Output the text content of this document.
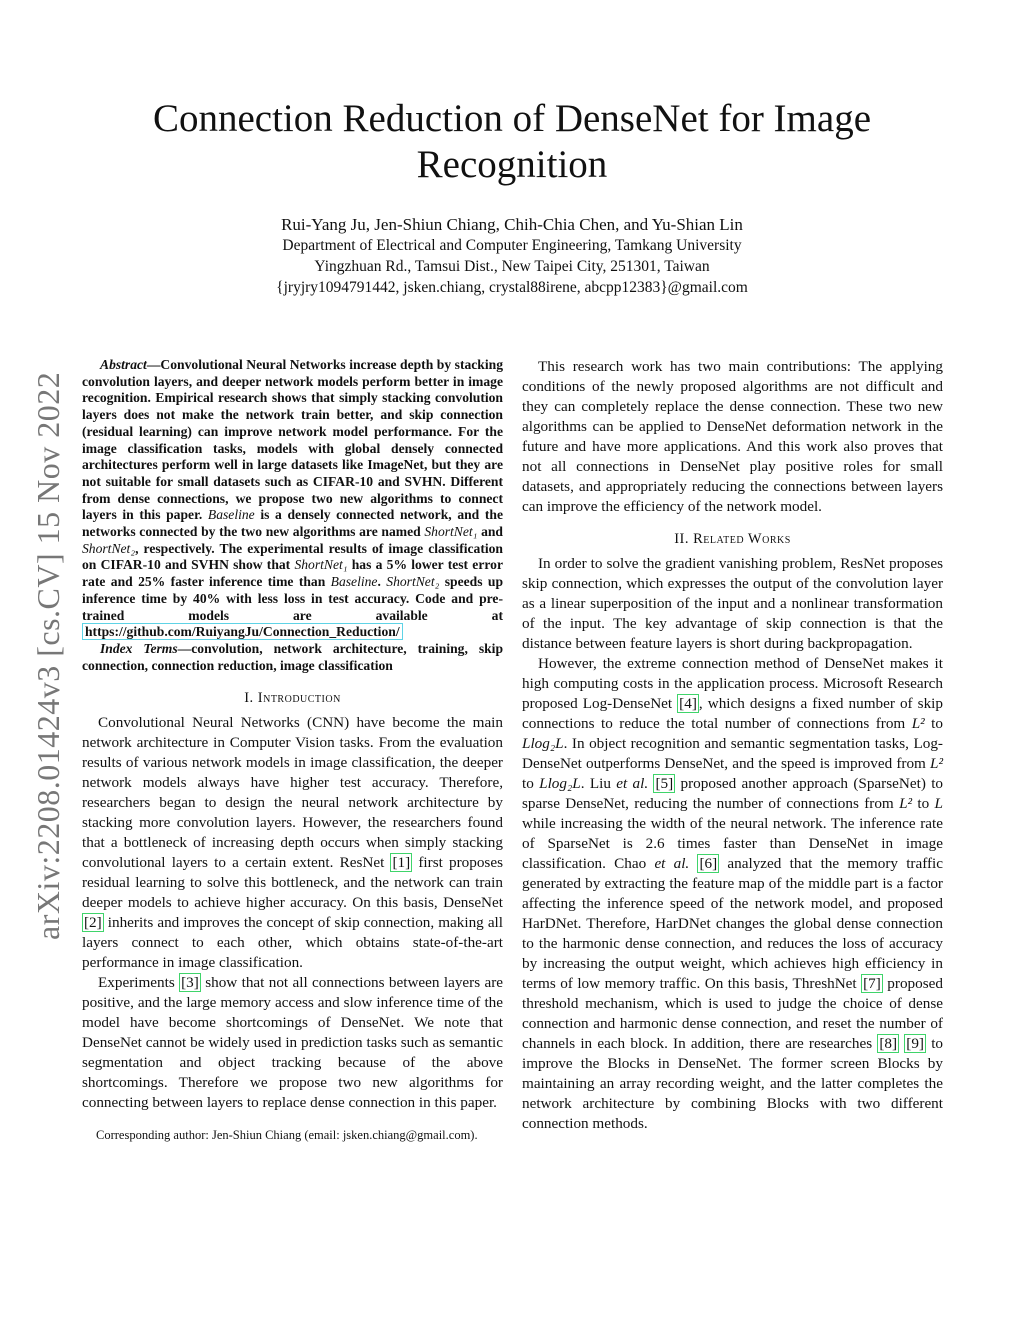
arXiv:2208.01424v3 [cs.CV] 15 Nov 2022
Connection Reduction of DenseNet for Image Recognition
Rui-Yang Ju, Jen-Shiun Chiang, Chih-Chia Chen, and Yu-Shian Lin
Department of Electrical and Computer Engineering, Tamkang University
Yingzhuan Rd., Tamsui Dist., New Taipei City, 251301, Taiwan
{jryjry1094791442, jsken.chiang, crystal88irene, abcpp12383}@gmail.com

Abstract—Convolutional Neural Networks increase depth by stacking convolution layers, and deeper network models perform better in image recognition. Empirical research shows that simply stacking convolution layers does not make the network train better, and skip connection (residual learning) can improve network model performance. For the image classification tasks, models with global densely connected architectures perform well in large datasets like ImageNet, but they are not suitable for small datasets such as CIFAR-10 and SVHN. Different from dense connections, we propose two new algorithms to connect layers in this paper. Baseline is a densely connected network, and the networks connected by the two new algorithms are named ShortNet₁ and ShortNet₂, respectively. The experimental results of image classification on CIFAR-10 and SVHN show that ShortNet₁ has a 5% lower test error rate and 25% faster inference time than Baseline. ShortNet₂ speeds up inference time by 40% with less loss in test accuracy. Code and pre-trained models are available at https://github.com/RuiyangJu/Connection_Reduction/

Index Terms—convolution, network architecture, training, skip connection, connection reduction, image classification

I. Introduction

Convolutional Neural Networks (CNN) have become the main network architecture in Computer Vision tasks. From the evaluation results of various network models in image classification, the deeper network models always have higher test accuracy. Therefore, researchers began to design the neural network architecture by stacking more convolution layers. However, the researchers found that a bottleneck of increasing depth occurs when simply stacking convolutional layers to a certain extent. ResNet [1] first proposes residual learning to solve this bottleneck, and the network can train deeper models to achieve higher accuracy. On this basis, DenseNet [2] inherits and improves the concept of skip connection, making all layers connect to each other, which obtains state-of-the-art performance in image classification.

Experiments [3] show that not all connections between layers are positive, and the large memory access and slow inference time of the model have become shortcomings of DenseNet. We note that DenseNet cannot be widely used in prediction tasks such as semantic segmentation and object tracking because of the above shortcomings. Therefore we propose two new algorithms for connecting between layers to replace dense connection in this paper.

Corresponding author: Jen-Shiun Chiang (email: jsken.chiang@gmail.com).

This research work has two main contributions: The applying conditions of the newly proposed algorithms are not difficult and they can completely replace the dense connection. These two new algorithms can be applied to DenseNet deformation network in the future and have more applications. And this work also proves that not all connections in DenseNet play positive roles for small datasets, and appropriately reducing the connections between layers can improve the efficiency of the network model.

II. Related Works

In order to solve the gradient vanishing problem, ResNet proposes skip connection, which expresses the output of the convolution layer as a linear superposition of the input and a nonlinear transformation of the input. The key advantage of skip connection is that the distance between feature layers is short during backpropagation.

However, the extreme connection method of DenseNet makes it high computing costs in the application process. Microsoft Research proposed Log-DenseNet [4] , which designs a fixed number of skip connections to reduce the total number of connections from L² to Llog₂L. In object recognition and semantic segmentation tasks, Log-DenseNet outperforms DenseNet, and the speed is improved from L² to Llog₂L. Liu et al. [5] proposed another approach (SparseNet) to sparse DenseNet, reducing the number of connections from L² to L while increasing the width of the neural network. The inference rate of SparseNet is 2.6 times faster than DenseNet in image classification. Chao et al. [6] analyzed that the memory traffic generated by extracting the feature map of the middle part is a factor affecting the inference speed of the network model, and proposed HarDNet. Therefore, HarDNet changes the global dense connection to the harmonic dense connection, and reduces the loss of accuracy by increasing the output weight, which achieves high efficiency in terms of low memory traffic. On this basis, ThreshNet [7] proposed threshold mechanism, which is used to judge the choice of dense connection and harmonic dense connection, and reset the number of channels in each block. In addition, there are researches [8] [9] to improve the Blocks in DenseNet. The former screen Blocks by maintaining an array recording weight, and the latter completes the network architecture by combining Blocks with two different connection methods.
